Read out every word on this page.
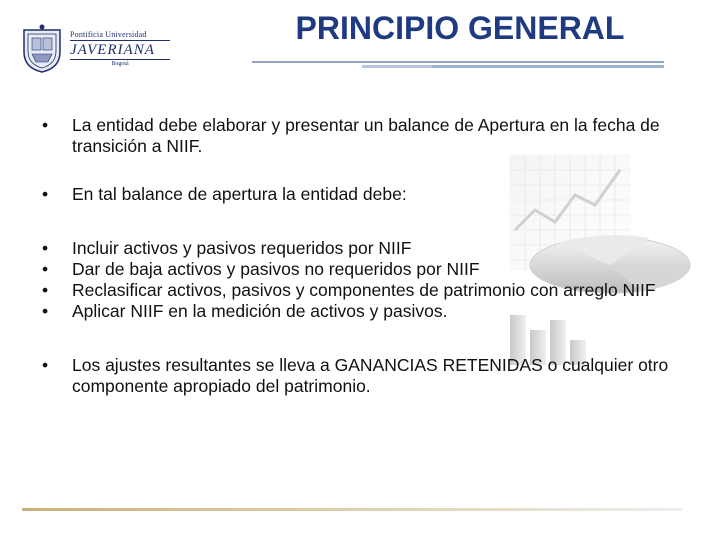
Pontificia Universidad
JAVERIANA
Bogotá
PRINCIPIO GENERAL
• La entidad debe elaborar y presentar un balance de Apertura en la fecha de transición a NIIF.
• En tal balance de apertura la entidad debe:
• Incluir activos y pasivos requeridos por NIIF
• Dar de baja activos y pasivos no requeridos por NIIF
• Reclasificar activos, pasivos y componentes de patrimonio con arreglo NIIF
• Aplicar NIIF en la medición de activos y pasivos.
• Los ajustes resultantes se lleva a GANANCIAS RETENIDAS o cualquier otro componente apropiado del patrimonio.
